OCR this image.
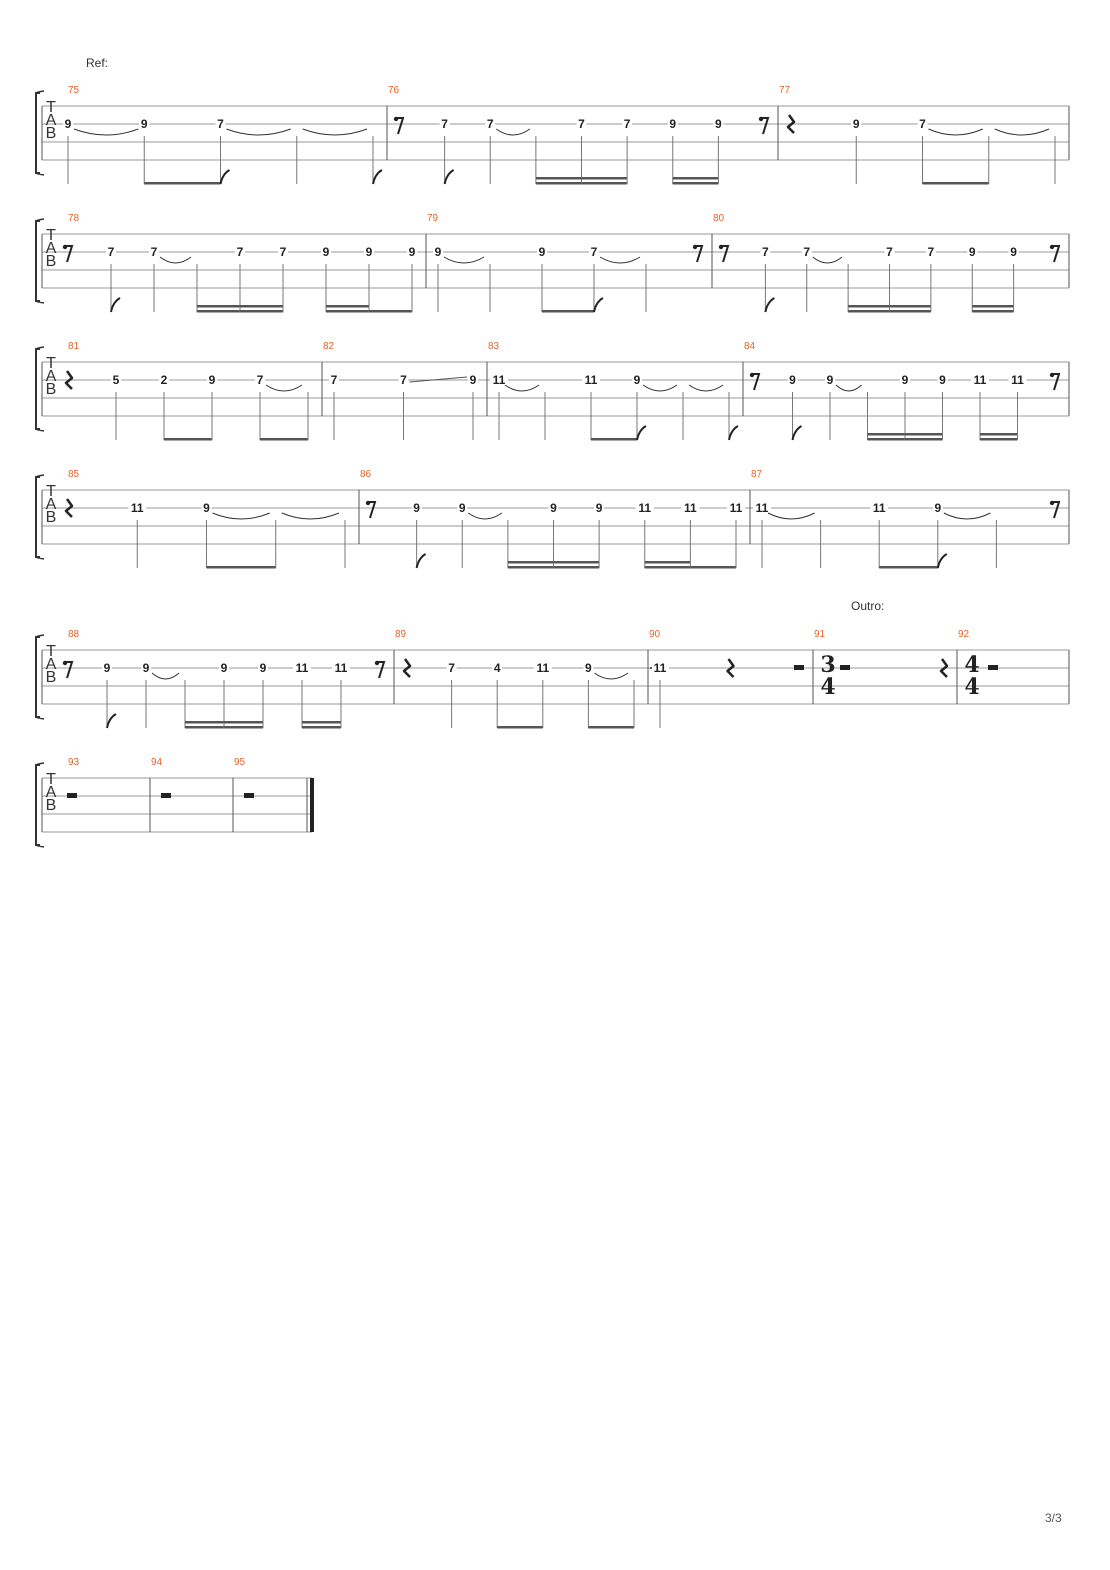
Ref:
Outro:
T
A
B
75
9	9	7
76
7	7	7	7	9	9
77
9	7
T
A
B
78
7	7	7	7	9	9	9
79
9	9	7
80
7	7	7	7	9	9
T
A
B
81
5	2	9	7
82
7	7	9
83
11	11	9
84
9	9	9	9 11 11
T
A
B
85
11	9
86
9	9	9	9	11	11	11
87
11	11	9
T
A
B
88
9	9	9	9 11 11
89
7	4	11	9
90
11
91
3
4
92
4
4
T
A
B
93	94	95
3/3
